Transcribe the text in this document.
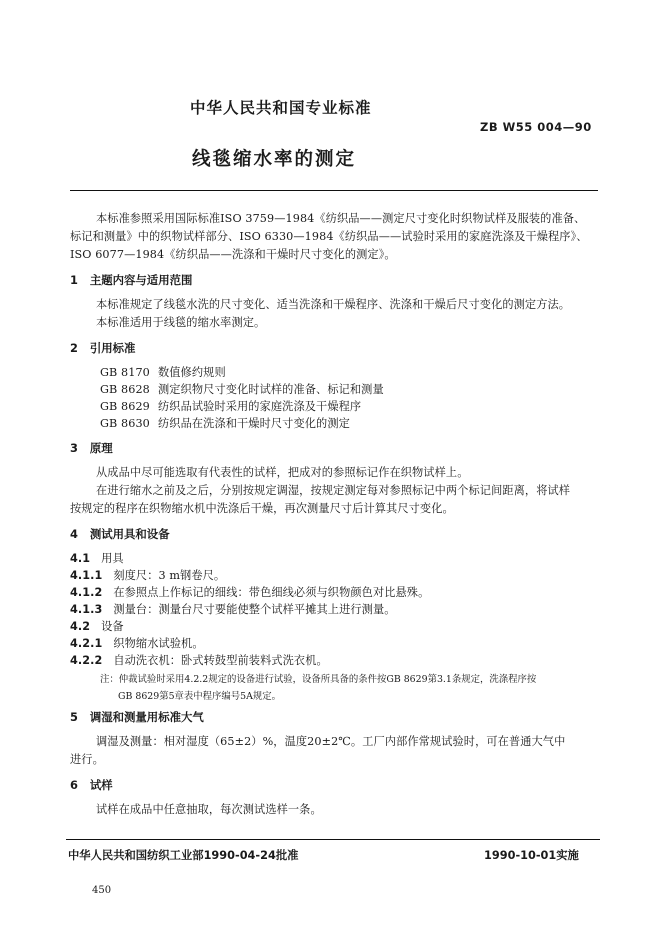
中华人民共和国专业标准
ZB W55 004—90
线毯缩水率的测定
本标准参照采用国际标准ISO 3759—1984《纺织品——测定尺寸变化时织物试样及服装的准备、
标记和测量》中的织物试样部分、ISO 6330—1984《纺织品——试验时采用的家庭洗涤及干燥程序》、
ISO 6077—1984《纺织品——洗涤和干燥时尺寸变化的测定》。
1 主题内容与适用范围
本标准规定了线毯水洗的尺寸变化、适当洗涤和干燥程序、洗涤和干燥后尺寸变化的测定方法。
本标准适用于线毯的缩水率测定。
2 引用标准
GB 8170 数值修约规则
GB 8628 测定织物尺寸变化时试样的准备、标记和测量
GB 8629 纺织品试验时采用的家庭洗涤及干燥程序
GB 8630 纺织品在洗涤和干燥时尺寸变化的测定
3 原理
从成品中尽可能选取有代表性的试样，把成对的参照标记作在织物试样上。
在进行缩水之前及之后，分别按规定调湿，按规定测定每对参照标记中两个标记间距离，将试样
按规定的程序在织物缩水机中洗涤后干燥，再次测量尺寸后计算其尺寸变化。
4 测试用具和设备
4.1 用具
4.1.1 刻度尺：3 m钢卷尺。
4.1.2 在参照点上作标记的细线：带色细线必须与织物颜色对比悬殊。
4.1.3 测量台：测量台尺寸要能使整个试样平摊其上进行测量。
4.2 设备
4.2.1 织物缩水试验机。
4.2.2 自动洗衣机：卧式转鼓型前装料式洗衣机。
注：仲裁试验时采用4.2.2规定的设备进行试验，设备所具备的条件按GB 8629第3.1条规定，洗涤程序按
GB 8629第5章表中程序编号5A规定。
5 调湿和测量用标准大气
调湿及测量：相对湿度（65±2）%，温度20±2℃。工厂内部作常规试验时，可在普通大气中
进行。
6 试样
试样在成品中任意抽取，每次测试选样一条。
中华人民共和国纺织工业部1990-04-24批准	1990-10-01实施
450
